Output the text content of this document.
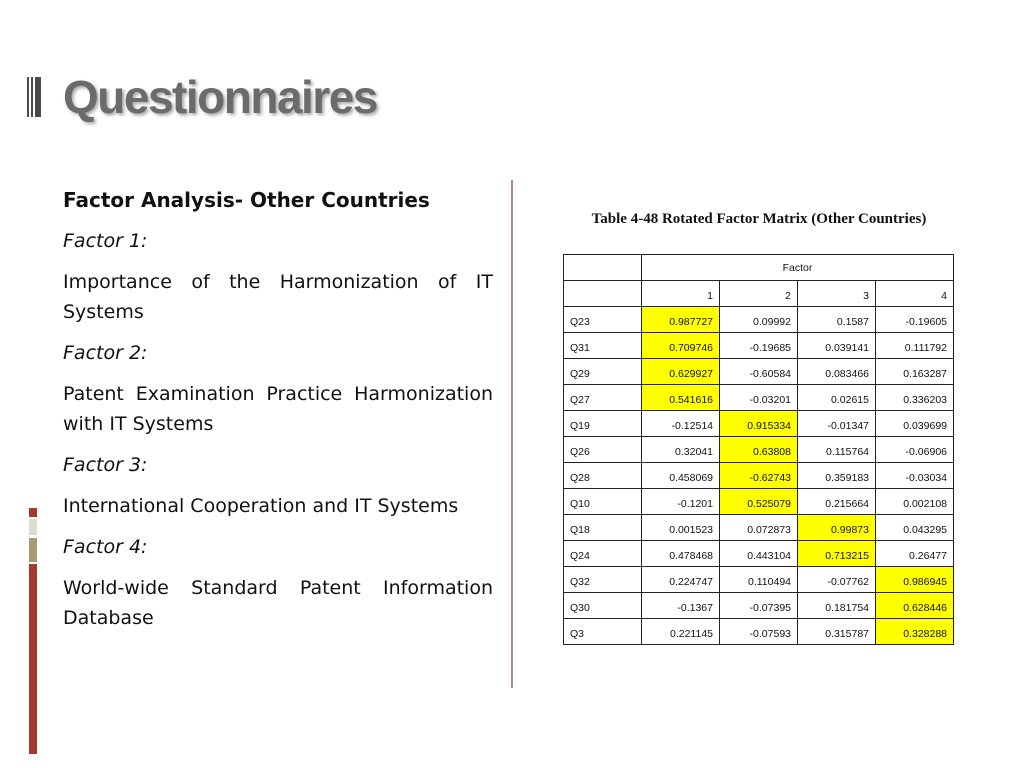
Questionnaires

Factor Analysis- Other Countries

Factor 1:

Importance of the Harmonization of IT Systems

Factor 2:

Patent Examination Practice Harmonization with IT Systems

Factor 3:

International Cooperation and IT Systems

Factor 4:

World-wide Standard Patent Information Database

Table 4-48 Rotated Factor Matrix (Other Countries)
	Factor			
	1	2	3	4
Q23	0.987727	0.09992	0.1587	-0.19605
Q31	0.709746	-0.19685	0.039141	0.111792
Q29	0.629927	-0.60584	0.083466	0.163287
Q27	0.541616	-0.03201	0.02615	0.336203
Q19	-0.12514	0.915334	-0.01347	0.039699
Q26	0.32041	0.63808	0.115764	-0.06906
Q28	0.458069	-0.62743	0.359183	-0.03034
Q10	-0.1201	0.525079	0.215664	0.002108
Q18	0.001523	0.072873	0.99873	0.043295
Q24	0.478468	0.443104	0.713215	0.26477
Q32	0.224747	0.110494	-0.07762	0.986945
Q30	-0.1367	-0.07395	0.181754	0.628446
Q3	0.221145	-0.07593	0.315787	0.328288
